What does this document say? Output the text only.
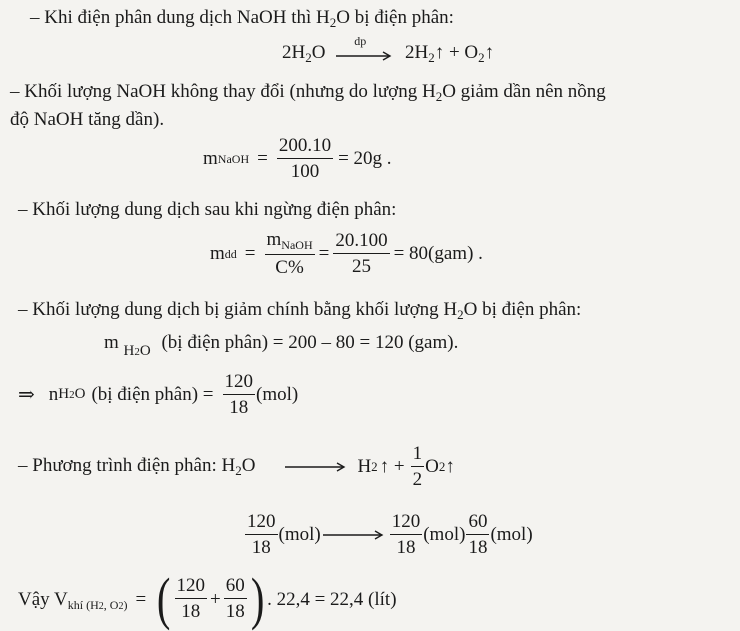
– Khi điện phân dung dịch NaOH thì $H_2O$ bị điện phân:
$2H_2O$
dp
$2H_2↑$ + $O_2↑$
– Khối lượng NaOH không thay đổi (nhưng do lượng $H_2O$ giảm dần nên nồng
độ NaOH tăng dần).
m NaOH = $\frac{200.10}{100} = 20g$ .
– Khối lượng dung dịch sau khi ngừng điện phân:
m dd = $\frac{m_{NaOH}}{C\%} = \frac{20.100}{25} = 80(gam)$ .
– Khối lượng dung dịch bị giảm chính bằng khối lượng $H_2O$ bị điện phân:
m $_{H2O}$ (bị điện phân) = 200 – 80 = 120 (gam).
⇒ n H2O (bị điện phân) = $\frac{120}{18} (mol)$
– Phương trình điện phân: $H_2O \to H$ 2 ↑ + $\frac{1}{2}$ O 2 ↑
$\frac{120}{18} (mol) \to \frac{120}{18} (mol) \frac{60}{18} (mol)$
Vậy V khí (H2, O2) = ( $\frac{120}{18} + \frac{60}{18}$ ) . 22,4 = 22,4 (lít)
